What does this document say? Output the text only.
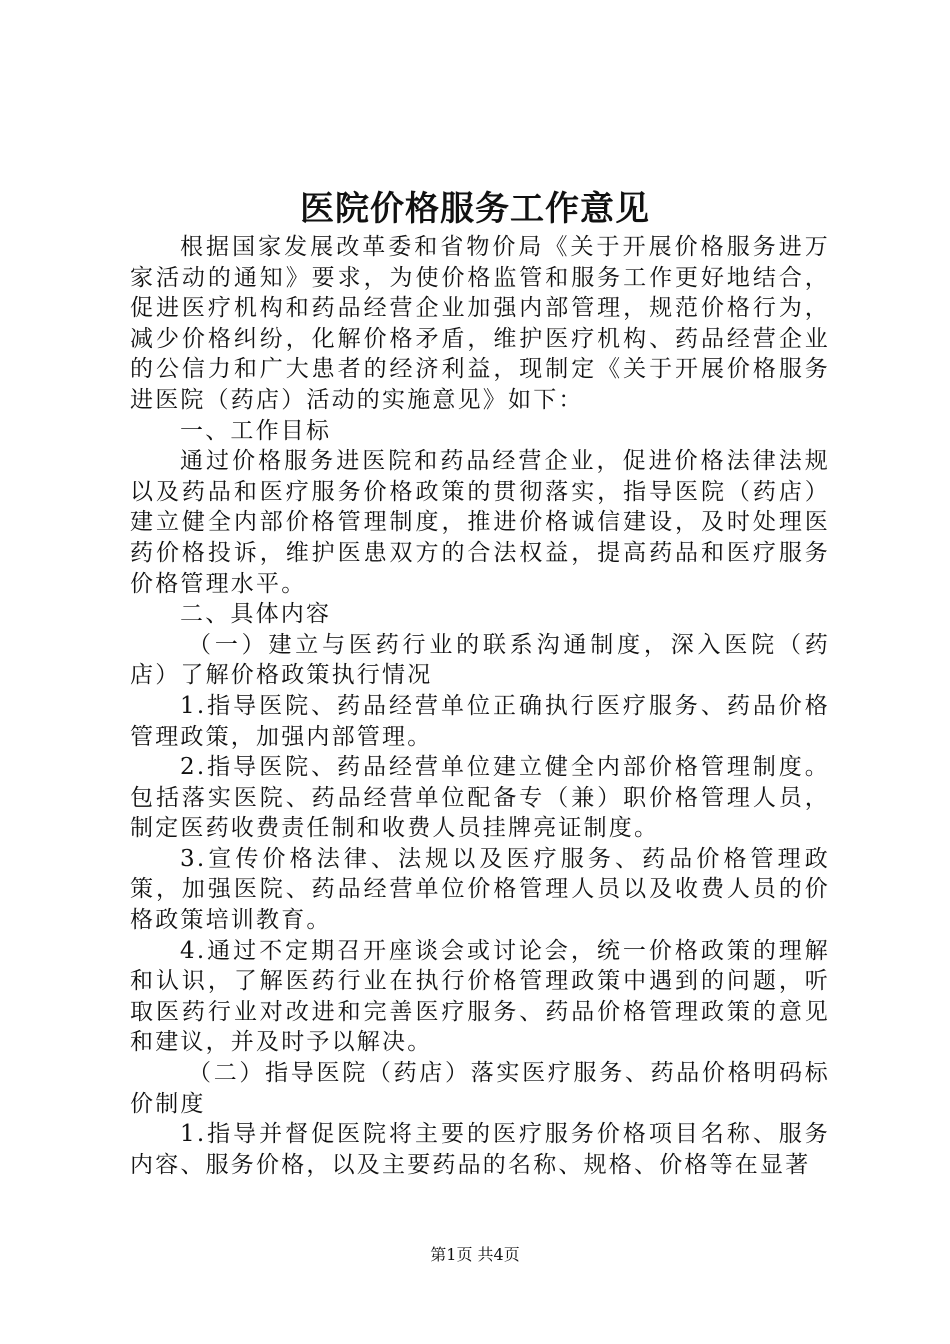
医院价格服务工作意见

根据国家发展改革委和省物价局《关于开展价格服务进万家活动的通知》要求，为使价格监管和服务工作更好地结合，促进医疗机构和药品经营企业加强内部管理，规范价格行为，减少价格纠纷，化解价格矛盾，维护医疗机构、药品经营企业的公信力和广大患者的经济利益，现制定《关于开展价格服务进医院（药店）活动的实施意见》如下：

一、工作目标

通过价格服务进医院和药品经营企业，促进价格法律法规以及药品和医疗服务价格政策的贯彻落实，指导医院（药店）建立健全内部价格管理制度，推进价格诚信建设，及时处理医药价格投诉，维护医患双方的合法权益，提高药品和医疗服务价格管理水平。

二、具体内容

（一）建立与医药行业的联系沟通制度，深入医院（药店）了解价格政策执行情况

1.指导医院、药品经营单位正确执行医疗服务、药品价格管理政策，加强内部管理。

2.指导医院、药品经营单位建立健全内部价格管理制度。包括落实医院、药品经营单位配备专（兼）职价格管理人员，制定医药收费责任制和收费人员挂牌亮证制度。

3.宣传价格法律、法规以及医疗服务、药品价格管理政策，加强医院、药品经营单位价格管理人员以及收费人员的价格政策培训教育。

4.通过不定期召开座谈会或讨论会，统一价格政策的理解和认识，了解医药行业在执行价格管理政策中遇到的问题，听取医药行业对改进和完善医疗服务、药品价格管理政策的意见和建议，并及时予以解决。

（二）指导医院（药店）落实医疗服务、药品价格明码标价制度

1.指导并督促医院将主要的医疗服务价格项目名称、服务内容、服务价格，以及主要药品的名称、规格、价格等在显著

第1页 共4页
